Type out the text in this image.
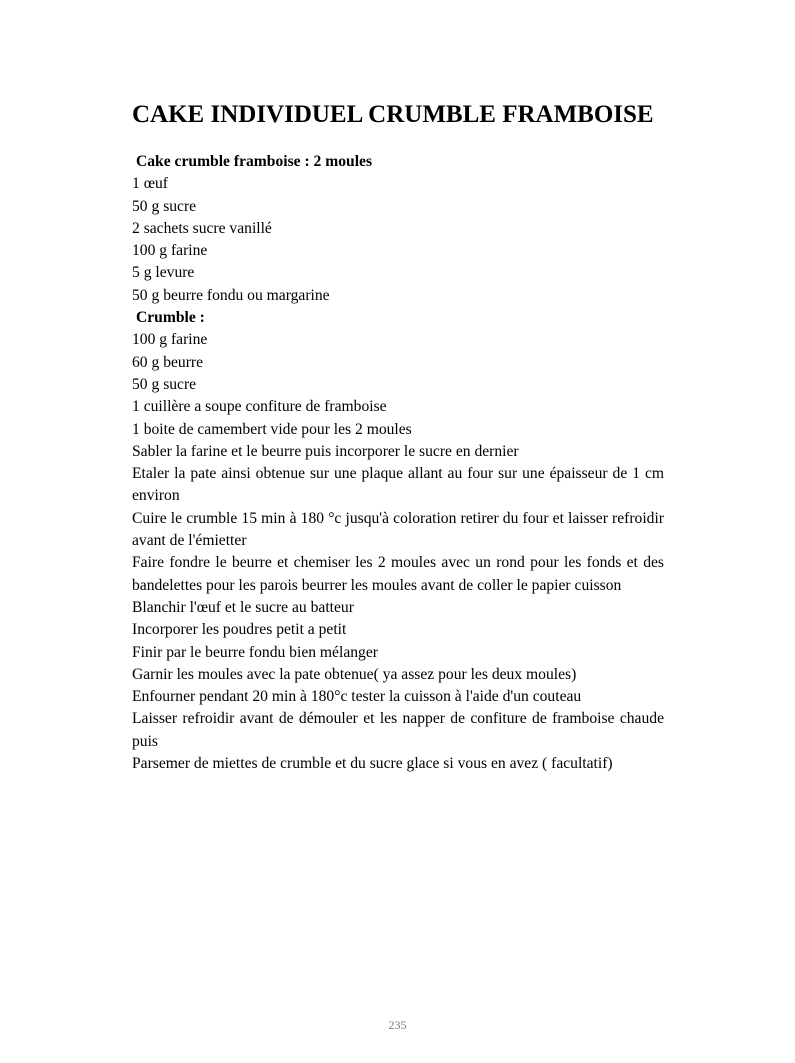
CAKE INDIVIDUEL CRUMBLE FRAMBOISE
Cake crumble framboise : 2 moules
1 œuf
50 g sucre
2 sachets sucre vanillé
100 g farine
5 g levure
50 g beurre fondu ou margarine
Crumble :
100 g farine
60 g beurre
50 g sucre
1 cuillère a soupe confiture de framboise
1 boite de camembert vide pour les 2 moules
Sabler la farine et le beurre puis incorporer le sucre en dernier
Etaler la pate ainsi obtenue sur une plaque allant au four sur une épaisseur de 1 cm environ
Cuire le crumble 15 min à 180 °c jusqu'à coloration retirer du four et laisser refroidir avant de l'émietter
Faire fondre le beurre et chemiser les 2 moules avec un rond pour les fonds et des bandelettes pour les parois beurrer les moules avant de coller le papier cuisson
Blanchir l'œuf et le sucre au batteur
Incorporer les poudres petit a petit
Finir par le beurre fondu bien mélanger
Garnir les moules avec la pate obtenue( ya assez pour les deux moules)
Enfourner pendant 20 min à 180°c tester la cuisson à l'aide d'un couteau
Laisser refroidir avant de démouler et les napper de confiture de framboise chaude puis
Parsemer de miettes de crumble et du sucre glace si vous en avez ( facultatif)
235
